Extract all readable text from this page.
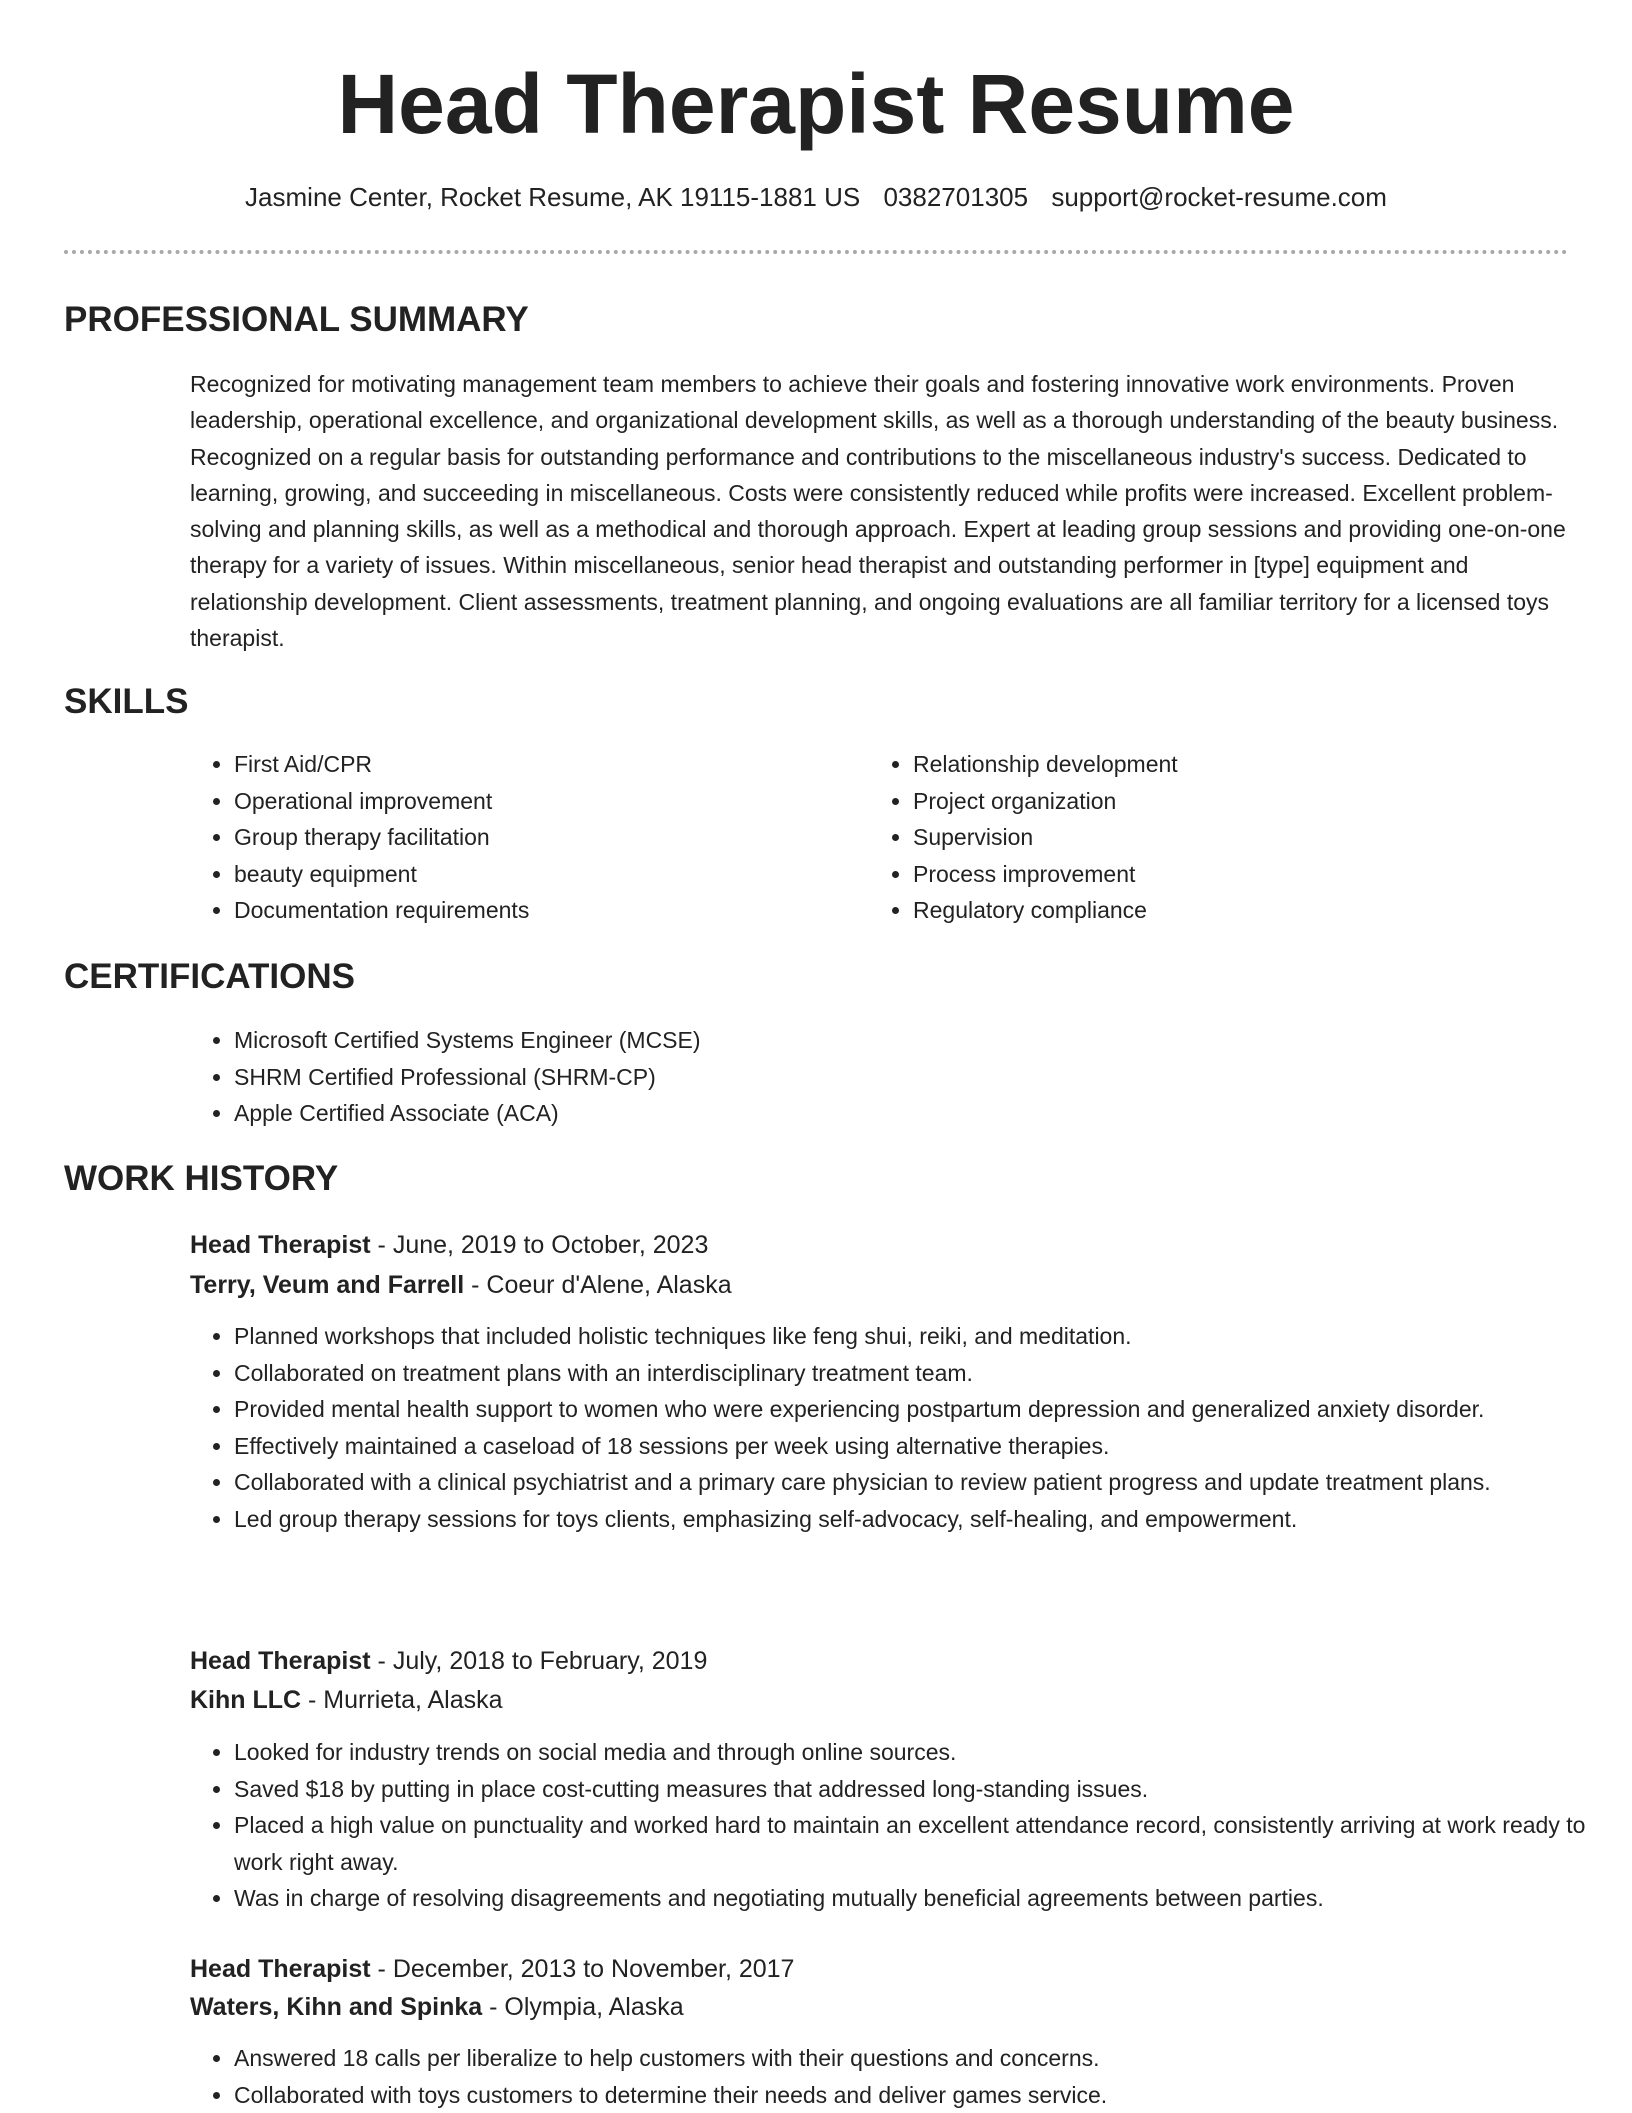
Head Therapist Resume
Jasmine Center, Rocket Resume, AK 19115-1881 US 0382701305 support@rocket-resume.com
PROFESSIONAL SUMMARY

Recognized for motivating management team members to achieve their goals and fostering innovative work environments. Proven leadership, operational excellence, and organizational development skills, as well as a thorough understanding of the beauty business. Recognized on a regular basis for outstanding performance and contributions to the miscellaneous industry's success. Dedicated to learning, growing, and succeeding in miscellaneous. Costs were consistently reduced while profits were increased. Excellent problem-solving and planning skills, as well as a methodical and thorough approach. Expert at leading group sessions and providing one-on-one therapy for a variety of issues. Within miscellaneous, senior head therapist and outstanding performer in [type] equipment and relationship development. Client assessments, treatment planning, and ongoing evaluations are all familiar territory for a licensed toys therapist.

SKILLS
• First Aid/CPR
• Operational improvement
• Group therapy facilitation
• beauty equipment
• Documentation requirements
• Relationship development
• Project organization
• Supervision
• Process improvement
• Regulatory compliance
CERTIFICATIONS
• Microsoft Certified Systems Engineer (MCSE)
• SHRM Certified Professional (SHRM-CP)
• Apple Certified Associate (ACA)
WORK HISTORY
Head Therapist - June, 2019 to October, 2023
Terry, Veum and Farrell - Coeur d'Alene, Alaska
• Planned workshops that included holistic techniques like feng shui, reiki, and meditation.
• Collaborated on treatment plans with an interdisciplinary treatment team.
• Provided mental health support to women who were experiencing postpartum depression and generalized anxiety disorder.
• Effectively maintained a caseload of 18 sessions per week using alternative therapies.
• Collaborated with a clinical psychiatrist and a primary care physician to review patient progress and update treatment plans.
• Led group therapy sessions for toys clients, emphasizing self-advocacy, self-healing, and empowerment.
Head Therapist - July, 2018 to February, 2019
Kihn LLC - Murrieta, Alaska
• Looked for industry trends on social media and through online sources.
• Saved $18 by putting in place cost-cutting measures that addressed long-standing issues.
• Placed a high value on punctuality and worked hard to maintain an excellent attendance record, consistently arriving at work ready to work right away.
• Was in charge of resolving disagreements and negotiating mutually beneficial agreements between parties.
Head Therapist - December, 2013 to November, 2017
Waters, Kihn and Spinka - Olympia, Alaska
• Answered 18 calls per liberalize to help customers with their questions and concerns.
• Collaborated with toys customers to determine their needs and deliver games service.
